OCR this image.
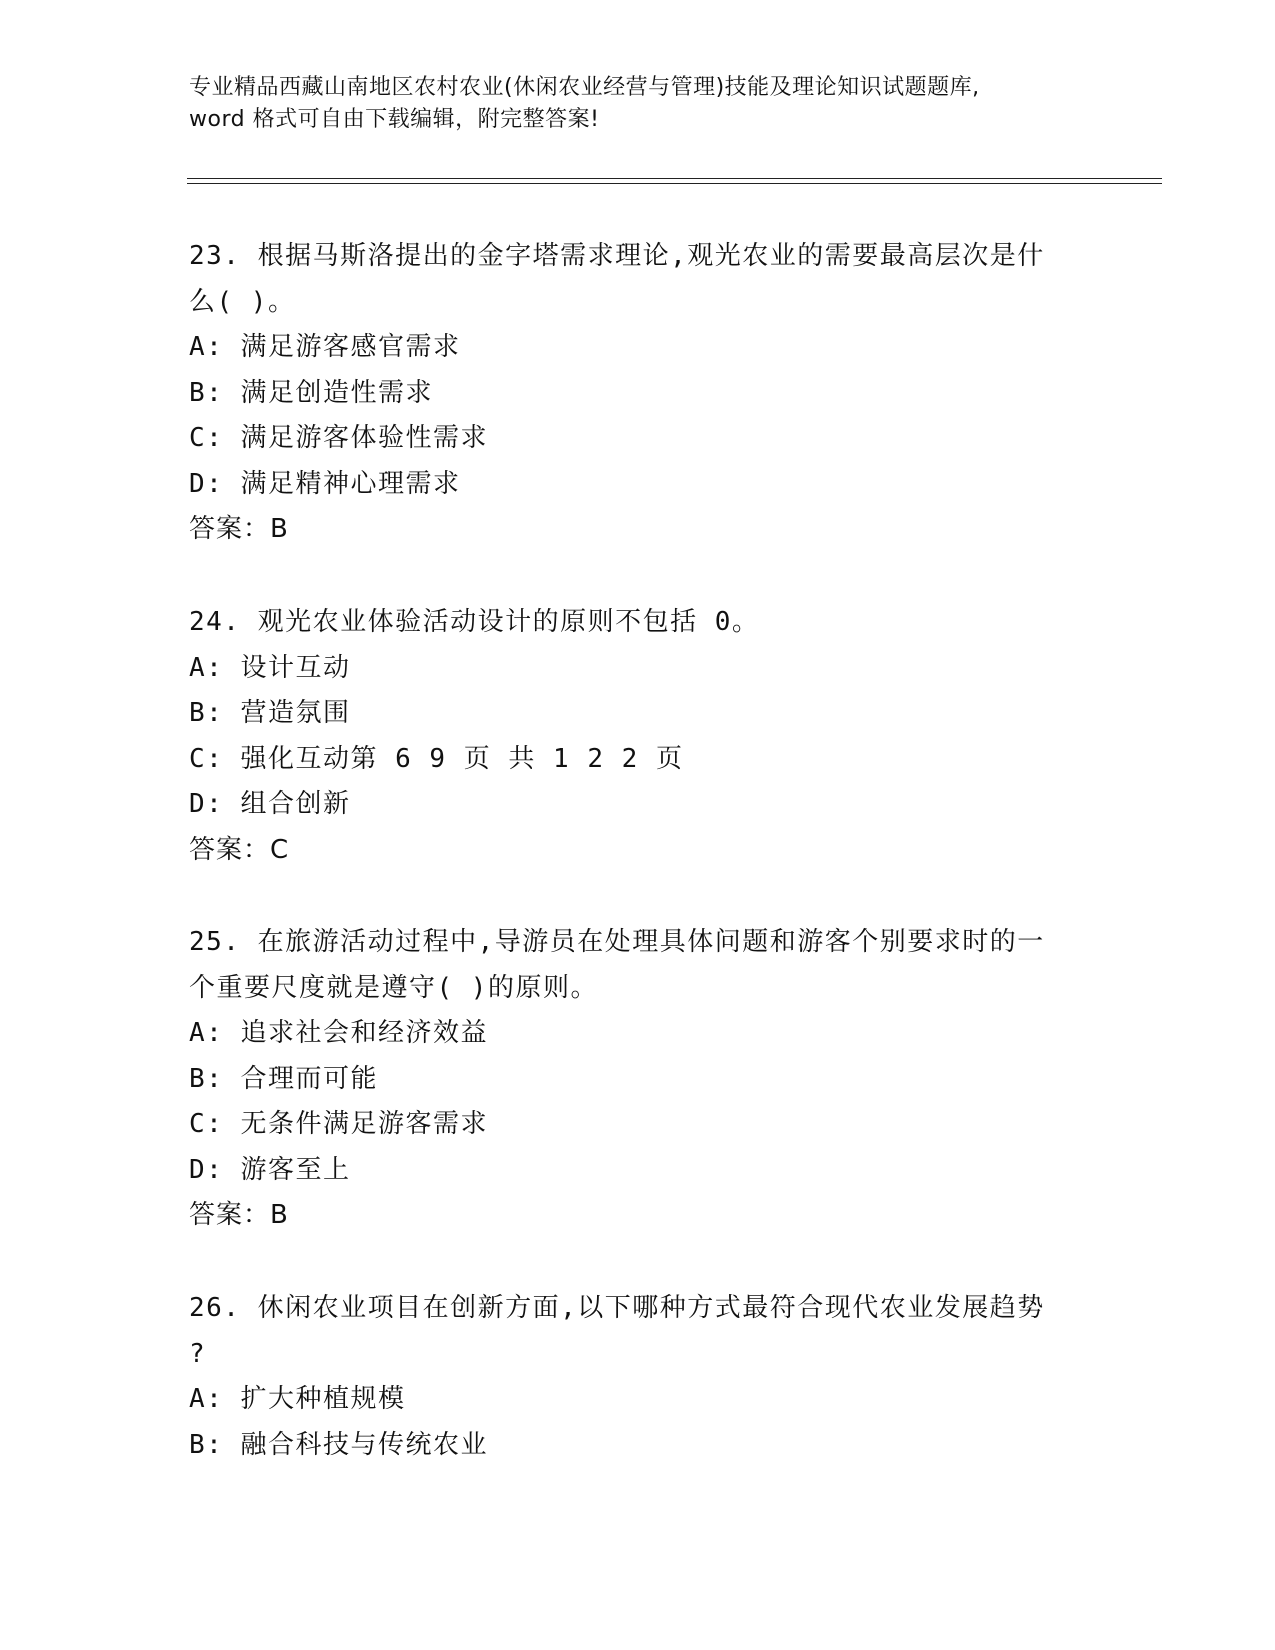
专业精品西藏山南地区农村农业(休闲农业经营与管理)技能及理论知识试题题库,
word 格式可自由下载编辑，附完整答案!
23. 根据马斯洛提出的金字塔需求理论,观光农业的需要最高层次是什
么( )。
A: 满足游客感官需求
B: 满足创造性需求
C: 满足游客体验性需求
D: 满足精神心理需求
答案：B
24. 观光农业体验活动设计的原则不包括 0。
A: 设计互动
B: 营造氛围
C: 强化互动第 6 9 页 共 1 2 2 页
D: 组合创新
答案：C
25. 在旅游活动过程中,导游员在处理具体问题和游客个别要求时的一
个重要尺度就是遵守( )的原则。
A: 追求社会和经济效益
B: 合理而可能
C: 无条件满足游客需求
D: 游客至上
答案：B
26. 休闲农业项目在创新方面,以下哪种方式最符合现代农业发展趋势
?
A: 扩大种植规模
B: 融合科技与传统农业
